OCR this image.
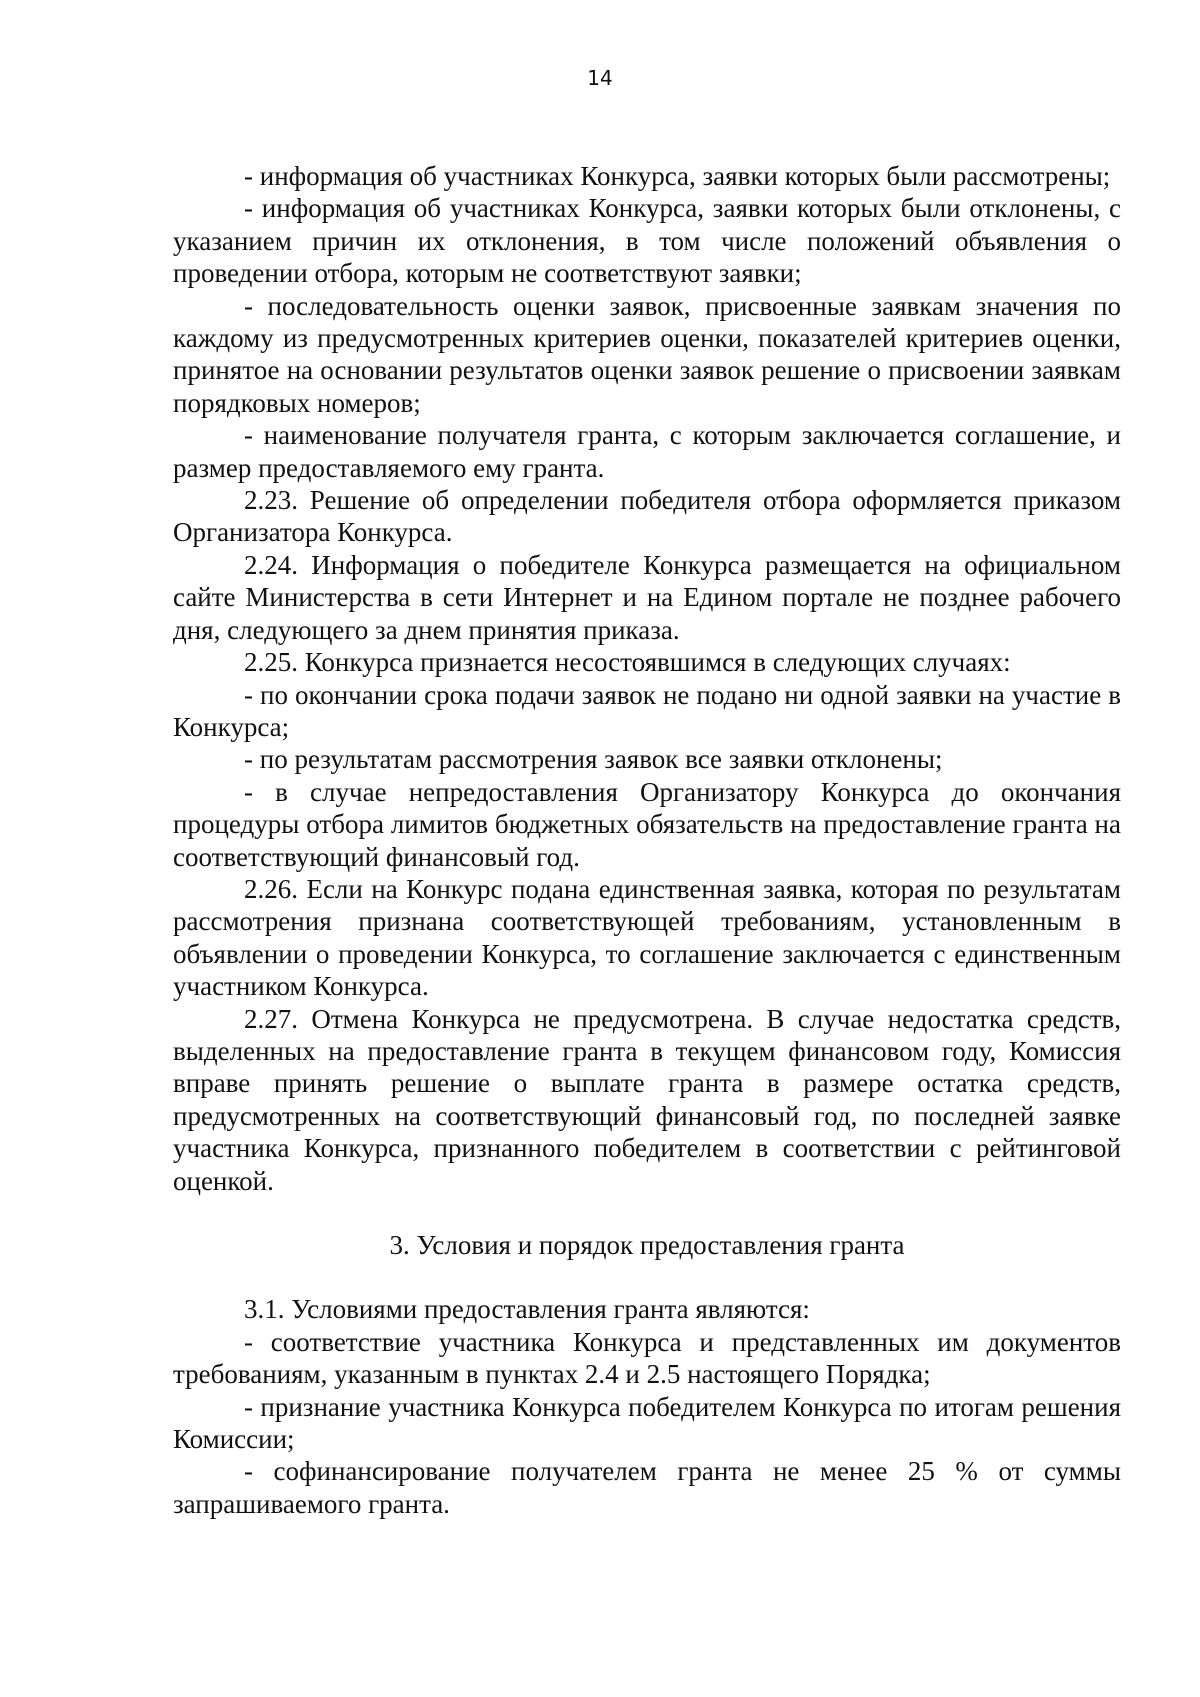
14

- информация об участниках Конкурса, заявки которых были рассмотрены;

- информация об участниках Конкурса, заявки которых были отклонены, с указанием причин их отклонения, в том числе положений объявления о проведении отбора, которым не соответствуют заявки;

- последовательность оценки заявок, присвоенные заявкам значения по каждому из предусмотренных критериев оценки, показателей критериев оценки, принятое на основании результатов оценки заявок решение о присвоении заявкам порядковых номеров;

- наименование получателя гранта, с которым заключается соглашение, и размер предоставляемого ему гранта.

2.23. Решение об определении победителя отбора оформляется приказом Организатора Конкурса.

2.24. Информация о победителе Конкурса размещается на официальном сайте Министерства в сети Интернет и на Едином портале не позднее рабочего дня, следующего за днем принятия приказа.

2.25. Конкурса признается несостоявшимся в следующих случаях:

- по окончании срока подачи заявок не подано ни одной заявки на участие в Конкурса;

- по результатам рассмотрения заявок все заявки отклонены;

- в случае непредоставления Организатору Конкурса до окончания процедуры отбора лимитов бюджетных обязательств на предоставление гранта на соответствующий финансовый год.

2.26. Если на Конкурс подана единственная заявка, которая по результатам рассмотрения признана соответствующей требованиям, установленным в объявлении о проведении Конкурса, то соглашение заключается с единственным участником Конкурса.

2.27. Отмена Конкурса не предусмотрена. В случае недостатка средств, выделенных на предоставление гранта в текущем финансовом году, Комиссия вправе принять решение о выплате гранта в размере остатка средств, предусмотренных на соответствующий финансовый год, по последней заявке участника Конкурса, признанного победителем в соответствии с рейтинговой оценкой.

3. Условия и порядок предоставления гранта

3.1. Условиями предоставления гранта являются:

- соответствие участника Конкурса и представленных им документов требованиям, указанным в пунктах 2.4 и 2.5 настоящего Порядка;

- признание участника Конкурса победителем Конкурса по итогам решения Комиссии;

- софинансирование получателем гранта не менее 25 % от суммы запрашиваемого гранта.
